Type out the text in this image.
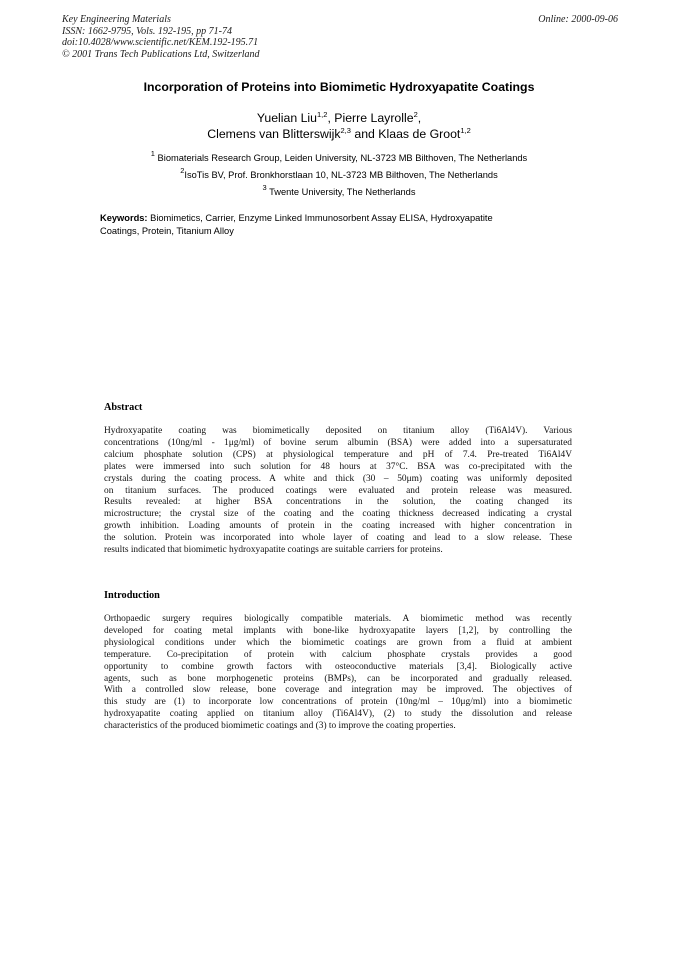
Key Engineering Materials
ISSN: 1662-9795, Vols. 192-195, pp 71-74
doi:10.4028/www.scientific.net/KEM.192-195.71
© 2001 Trans Tech Publications Ltd, Switzerland
Online: 2000-09-06
Incorporation of Proteins into Biomimetic Hydroxyapatite Coatings
Yuelian Liu$^{1,2}$, Pierre Layrolle$^2$,
Clemens van Blitterswijk$^{2,3}$ and Klaas de Groot$^{1,2}$
$^1$ Biomaterials Research Group, Leiden University, NL-3723 MB Bilthoven, The Netherlands
$^2$IsoTis BV, Prof. Bronkhorstlaan 10, NL-3723 MB Bilthoven, The Netherlands
$^3$ Twente University, The Netherlands
Keywords: Biomimetics, Carrier, Enzyme Linked Immunosorbent Assay ELISA, Hydroxyapatite
Coatings, Protein, Titanium Alloy
Abstract
Hydroxyapatite coating was biomimetically deposited on titanium alloy (Ti6Al4V). Various
concentrations (10ng/ml - 1μg/ml) of bovine serum albumin (BSA) were added into a supersaturated
calcium phosphate solution (CPS) at physiological temperature and pH of 7.4. Pre-treated Ti6Al4V
plates were immersed into such solution for 48 hours at 37°C. BSA was co-precipitated with the
crystals during the coating process. A white and thick (30 – 50μm) coating was uniformly deposited
on titanium surfaces. The produced coatings were evaluated and protein release was measured.
Results revealed: at higher BSA concentrations in the solution, the coating changed its
microstructure; the crystal size of the coating and the coating thickness decreased indicating a crystal
growth inhibition. Loading amounts of protein in the coating increased with higher concentration in
the solution. Protein was incorporated into whole layer of coating and lead to a slow release. These
results indicated that biomimetic hydroxyapatite coatings are suitable carriers for proteins.
Introduction
Orthopaedic surgery requires biologically compatible materials. A biomimetic method was recently
developed for coating metal implants with bone-like hydroxyapatite layers [1,2], by controlling the
physiological conditions under which the biomimetic coatings are grown from a fluid at ambient
temperature. Co-precipitation of protein with calcium phosphate crystals provides a good
opportunity to combine growth factors with osteoconductive materials [3,4]. Biologically active
agents, such as bone morphogenetic proteins (BMPs), can be incorporated and gradually released.
With a controlled slow release, bone coverage and integration may be improved. The objectives of
this study are (1) to incorporate low concentrations of protein (10ng/ml – 10μg/ml) into a biomimetic
hydroxyapatite coating applied on titanium alloy (Ti6Al4V), (2) to study the dissolution and release
characteristics of the produced biomimetic coatings and (3) to improve the coating properties.
